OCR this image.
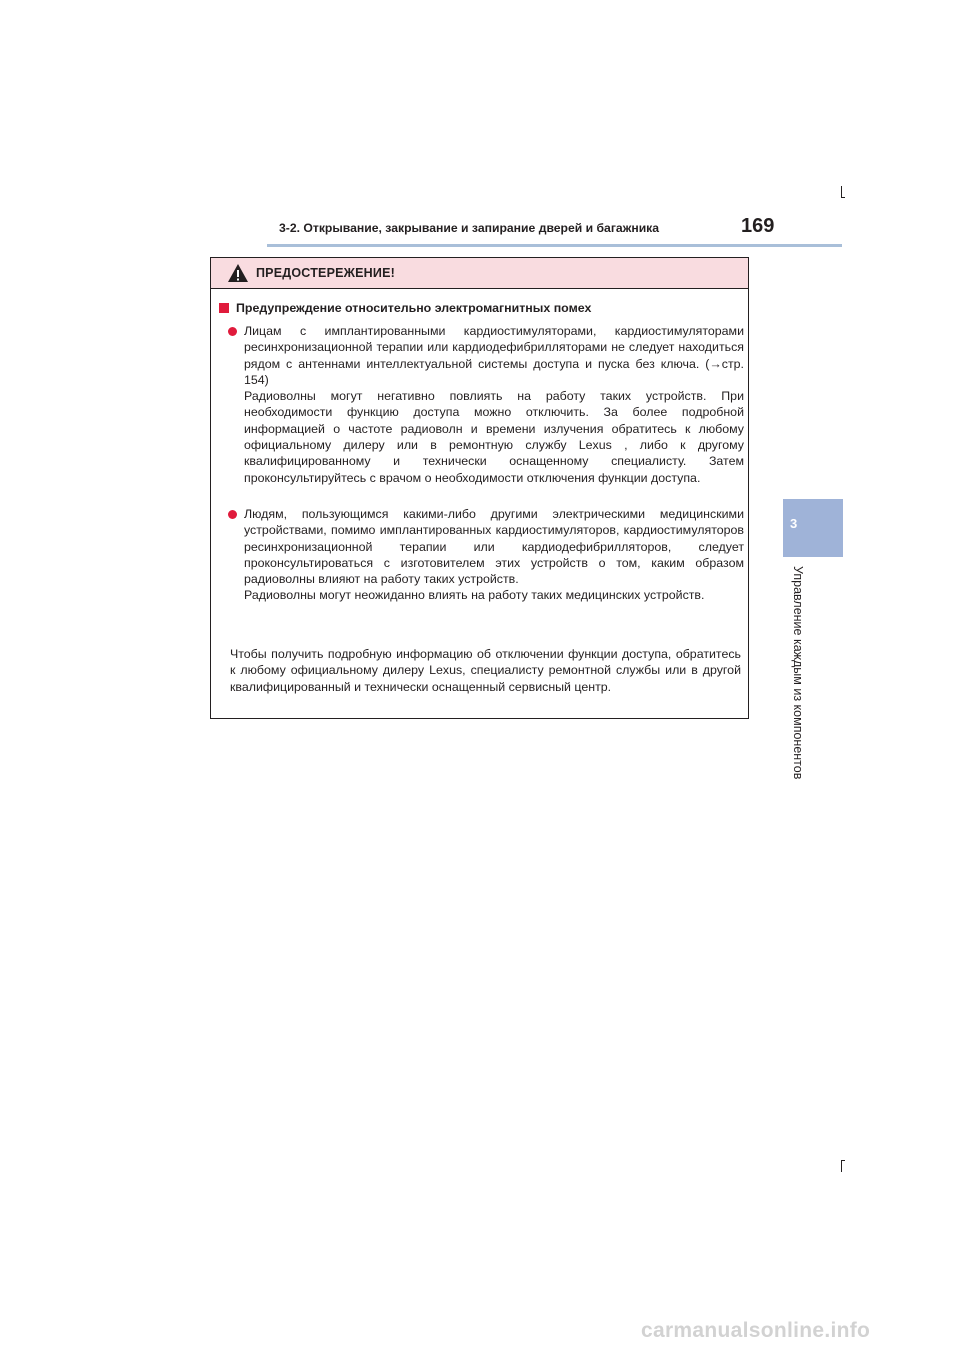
3-2. Открывание, закрывание и запирание дверей и багажника	169
3
Управление каждым из компонентов
ПРЕДОСТЕРЕЖЕНИЕ!
Предупреждение относительно электромагнитных помех

Лицам с имплантированными кардиостимуляторами, кардиостимуляторами ресинхронизационной терапии или кардиодефибрилляторами не следует находиться рядом с антеннами интеллектуальной системы доступа и пуска без ключа. (→стр. 154)

Радиоволны могут негативно повлиять на работу таких устройств. При необходимости функцию доступа можно отключить. За более подробной информацией о частоте радиоволн и времени излучения обратитесь к любому официальному дилеру или в ремонтную службу Lexus , либо к другому квалифицированному и технически оснащенному специалисту. Затем проконсультируйтесь с врачом о необходимости отключения функции доступа.

Людям, пользующимся какими-либо другими электрическими медицинскими устройствами, помимо имплантированных кардиостимуляторов, кардиостимуляторов ресинхронизационной терапии или кардиодефибрилляторов, следует проконсультироваться с изготовителем этих устройств о том, каким образом радиоволны влияют на работу таких устройств.

Радиоволны могут неожиданно влиять на работу таких медицинских устройств.

Чтобы получить подробную информацию об отключении функции доступа, обратитесь к любому официальному дилеру Lexus, специалисту ремонтной службы или в другой квалифицированный и технически оснащенный сервисный центр.

carmanualsonline.info
